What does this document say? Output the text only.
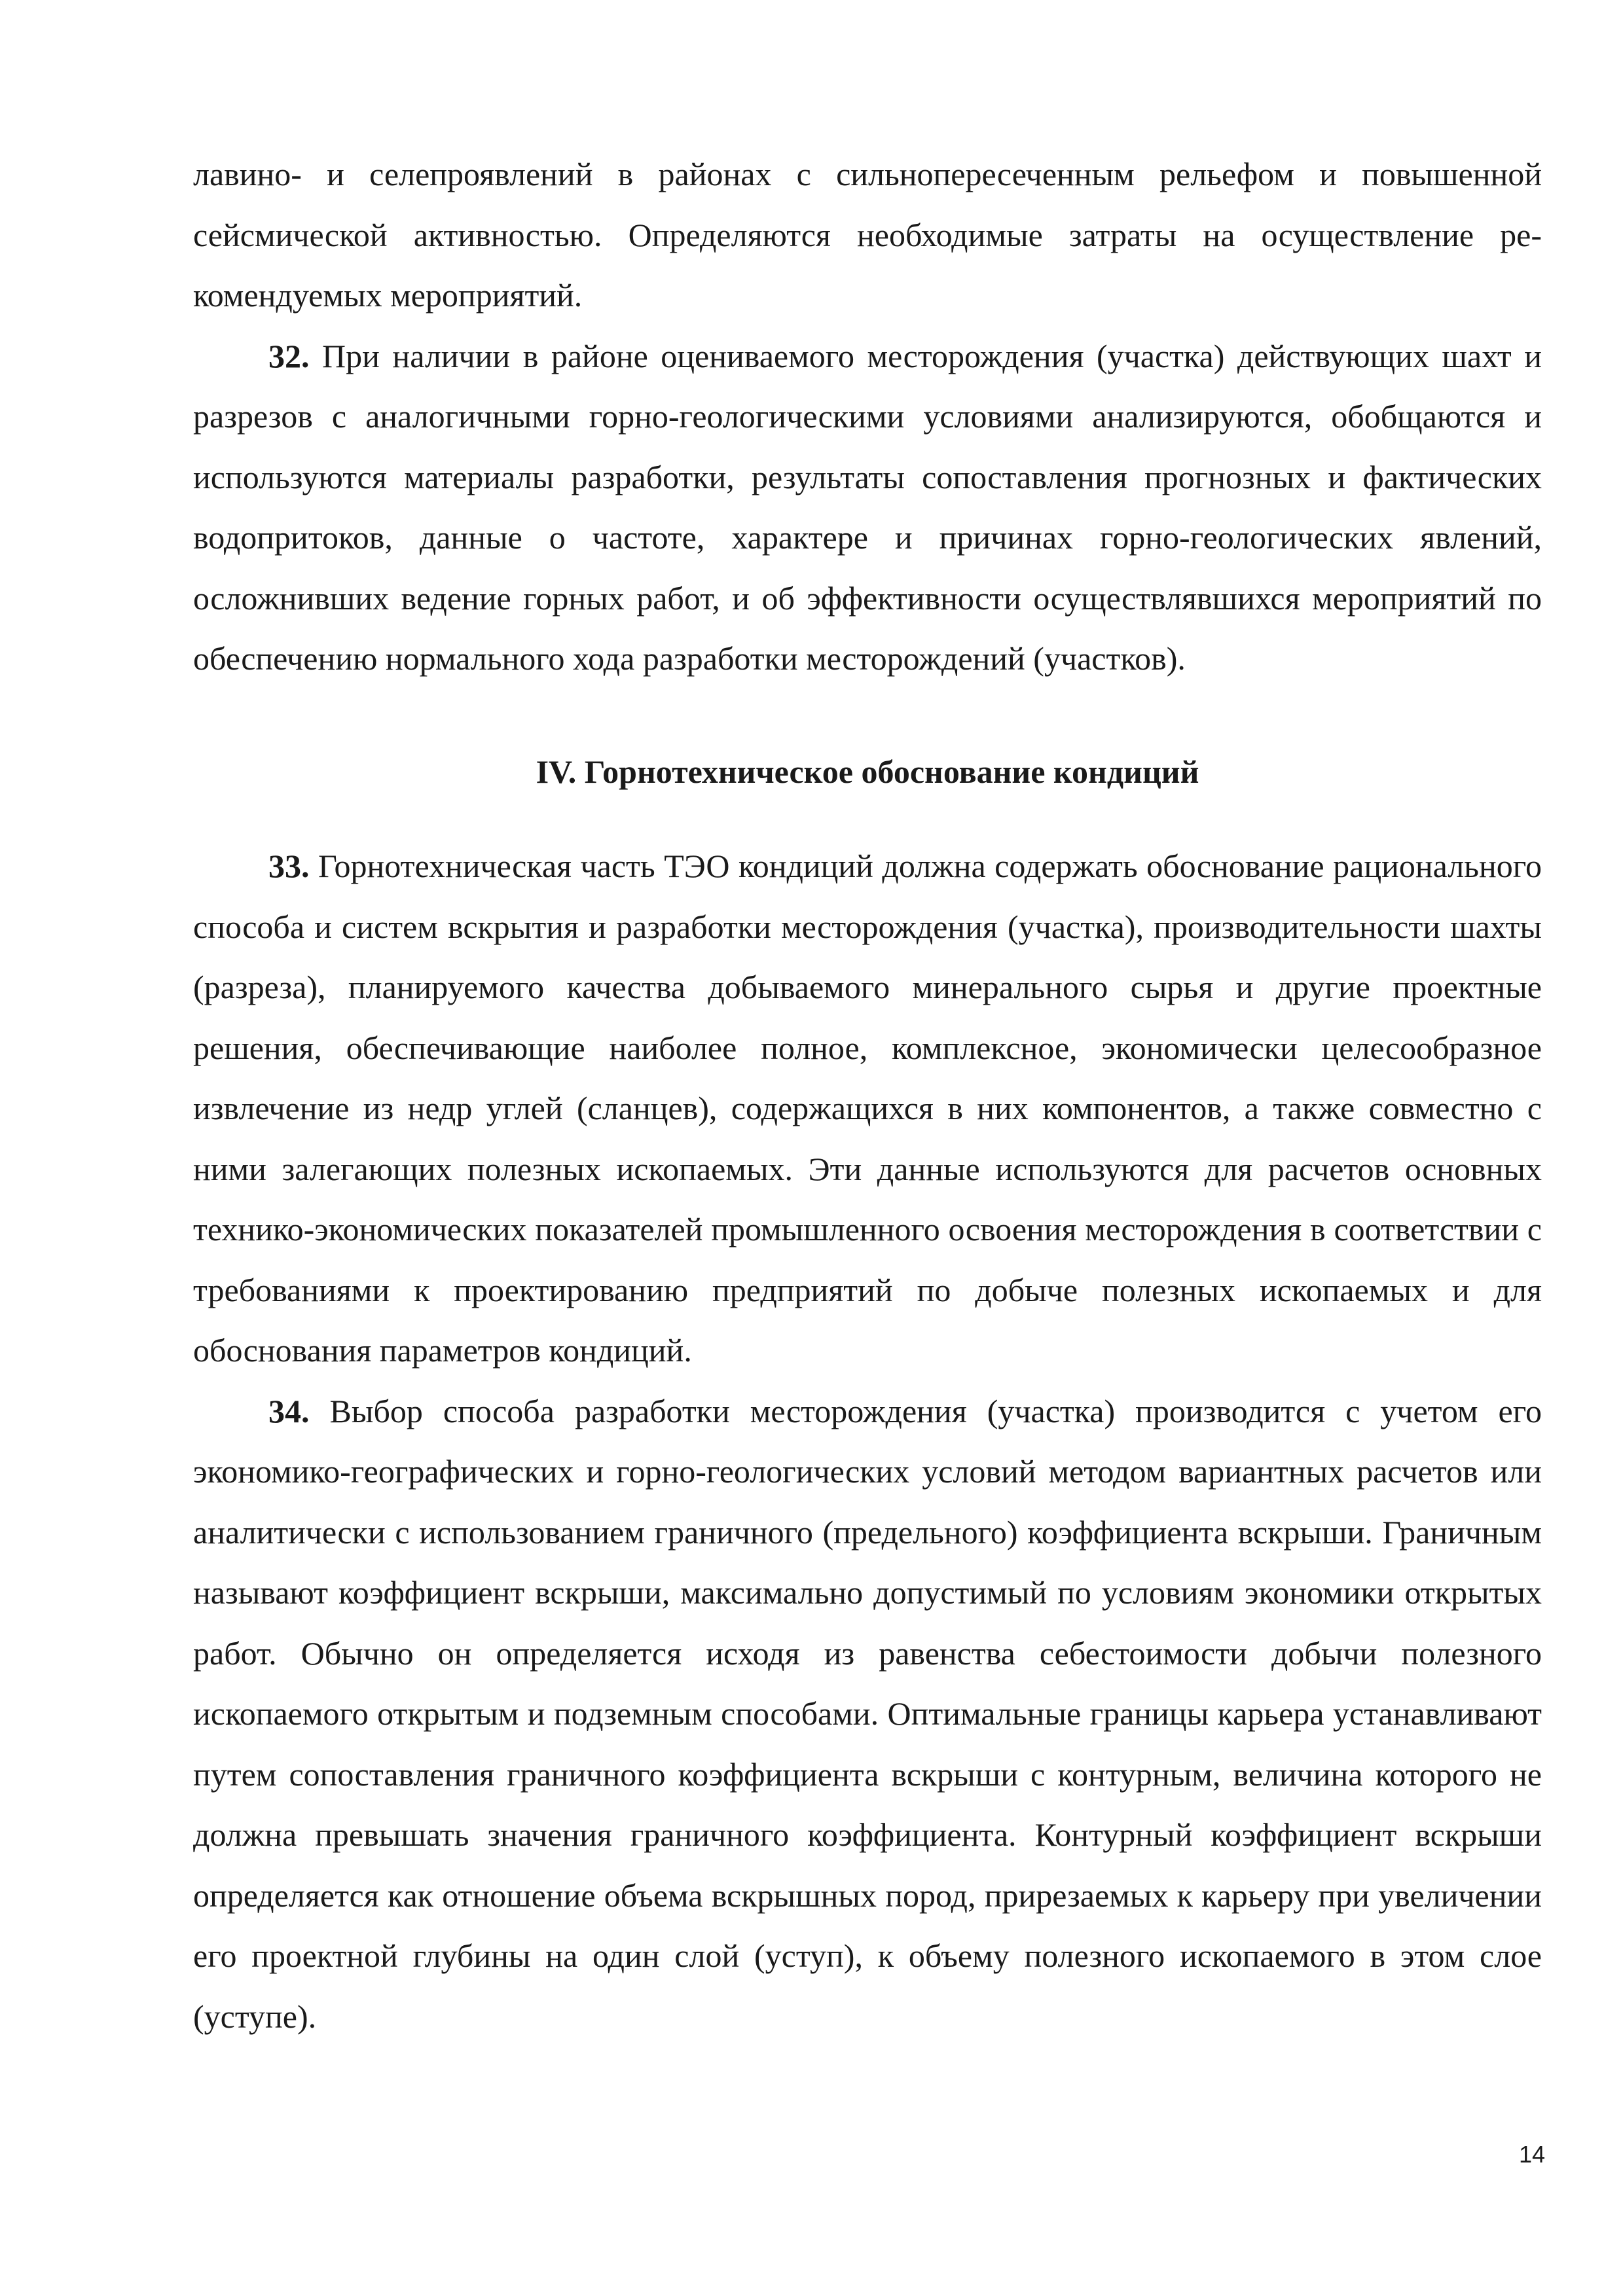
лавино- и селепроявлений в районах с сильнопересеченным рельефом и повышенной сейсмической активностью. Определяются необходимые затраты на осуществление рекомендуемых мероприятий.

32. При наличии в районе оцениваемого месторождения (участка) действующих шахт и разрезов с аналогичными горно-геологическими условиями анализируются, обобщаются и используются материалы разработки, результаты сопоставления прогнозных и фактических водопритоков, данные о частоте, характере и причинах горно-геологических явлений, осложнивших ведение горных работ, и об эффективности осуществлявшихся мероприятий по обеспечению нормального хода разработки месторождений (участков).

IV. Горнотехническое обоснование кондиций

33. Горнотехническая часть ТЭО кондиций должна содержать обоснование рационального способа и систем вскрытия и разработки месторождения (участка), производительности шахты (разреза), планируемого качества добываемого минерального сырья и другие проектные решения, обеспечивающие наиболее полное, комплексное, экономически целесообразное извлечение из недр углей (сланцев), содержащихся в них компонентов, а также совместно с ними залегающих полезных ископаемых. Эти данные используются для расчетов основных технико-экономических показателей промышленного освоения месторождения в соответствии с требованиями к проектированию предприятий по добыче полезных ископаемых и для обоснования параметров кондиций.

34. Выбор способа разработки месторождения (участка) производится с учетом его экономико-географических и горно-геологических условий методом вариантных расчетов или аналитически с использованием граничного (предельного) коэффициента вскрыши. Граничным называют коэффициент вскрыши, максимально допустимый по условиям экономики открытых работ. Обычно он определяется исходя из равенства себестоимости добычи полезного ископаемого открытым и подземным способами. Оптимальные границы карьера устанавливают путем сопоставления граничного коэффициента вскрыши с контурным, величина которого не должна превышать значения граничного коэффициента. Контурный коэффициент вскрыши определяется как отношение объема вскрышных пород, прирезаемых к карьеру при увеличении его проектной глубины на один слой (уступ), к объему полезного ископаемого в этом слое (уступе).

14
